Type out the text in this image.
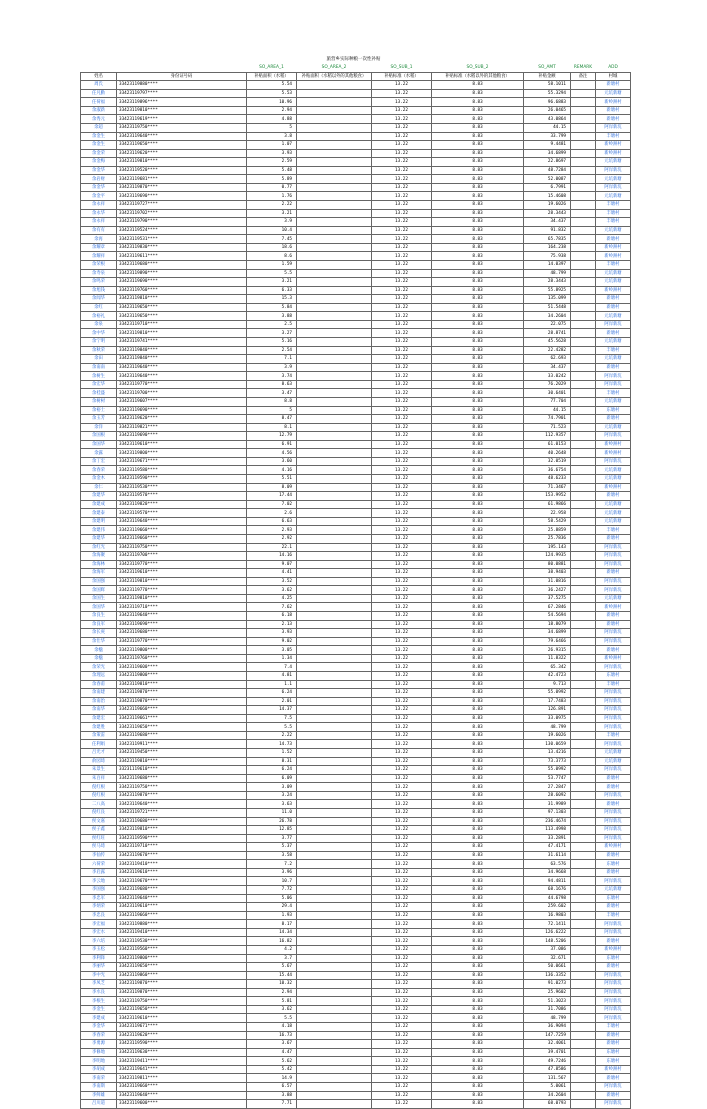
旅营乡实际种粮一次性补贴
		SO_AREA_1	SO_AREA_2	SO_SUB_1	SO_SUB_2	SO_AMT	REMARK	ADD
姓名	身份证号码	补贴面积（水稻）	补贴面积（水稻以外的其他粮食）	补贴标准（水稻）	补贴标准（水稻以外的其他粮食）	补贴金额	备注	村城
周氏	33423119880****	5.54		13.22	8.83	58.1011		新塘村
任凡勤	33423119797****	5.53		13.22	8.83	55.3294		元坑新塘
任荷福	33423119896****	10.96		13.22	8.83	96.6883		新岭洲村
余淑新	33423119810****	2.94		13.22	8.83	26.0465		新塘村
余秀元	33423119619****	4.88		13.22	8.83	43.0864		新塘村
余超	33423119750****	5		13.22	8.83	44.15		阿岸新坑
余金生	33423119640****	3.8		13.22	8.83	33.799		丰塘村
余金生	33423119650****	1.07		13.22	8.83	9.4481		新岭洲村
余金荣	33423119620****	3.93		13.22	8.83	34.6899		新岭洲村
余金梅	33423119810****	2.59		13.22	8.83	22.8697		元坑新塘
余金华	33423119520****	5.48		13.22	8.83	48.7284		阿岸新坑
余岩财	33423119681****	5.89		13.22	8.83	52.0087		元坑新塘
余金华	33423119870****	0.77		13.22	8.83	6.7991		阿岸新坑
余金平	33423119690****	1.76		13.22	8.83	15.4608		元坑新塘
余永祥	33423119727****	2.22		13.22	8.83	19.6026		丰塘村
余永华	33423119702****	3.21		13.22	8.83	28.3443		丰塘村
余永祥	33423119790****	3.9		13.22	8.83	34.437		丰塘村
余有有	33423119524****	10.4		13.22	8.83	91.832		元坑新塘
余再	33423119531****	7.45		13.22	8.83	65.7835		新塘村
余耀章	33423119830****	18.6		13.22	8.83	164.238		新岭洲村
余耀祥	33423119611****	8.6		13.22	8.83	75.938		新岭洲村
余荣根	33423119680****	1.59		13.22	8.83	14.0397		丰塘村
余寿泉	33423119890****	5.5		13.22	8.83	48.799		元坑新塘
余鸣荣	33423119690****	3.21		13.22	8.83	28.3443		元坑新塘
余旭钱	33423119760****	6.33		13.22	8.83	55.8925		新岭洲村
余闻华	33423119810****	15.3		13.22	8.83	135.099		新塘村
余红	33423119650****	5.84		13.22	8.83	51.5448		新塘村
余裕礼	33423119650****	3.88		13.22	8.83	34.2604		元坑新塘
余泉	33423119710****	2.5		13.22	8.83	22.075		阿岸新坑
余中华	33423119810****	3.27		13.22	8.83	28.8741		新塘村
余宁明	33423119741****	5.16		13.22	8.83	45.5628		元坑新塘
余秋荣	33423119840****	2.54		13.22	8.83	22.4282		丰塘村
余田	33423119840****	7.1		13.22	8.83	62.693		元坑新塘
余南南	33423119640****	3.9		13.22	8.83	34.437		新塘村
余树生	33423119640****	3.74		13.22	8.83	33.0242		阿岸新坑
余宏华	33423119770****	8.63		13.22	8.83	76.2029		阿岸新坑
余桂盛	33423119700****	3.47		13.22	8.83	30.6401		丰塘村
余树树	33423119607****	8.8		13.22	8.83	77.704		元坑新塘
余裕士	33423119690****	5		13.22	8.83	44.15		东塘村
余玉芳	33423119620****	8.47		13.22	8.83	74.7901		新塘村
余洋	33423119821****	8.1		13.22	8.83	71.523		元坑新塘
余国根	33423119690****	12.79		13.22	8.83	112.9357		阿岸新坑
余国华	33423119610****	6.91		13.22	8.83	61.0153		新岭洲村
余露	33423119800****	4.56		13.22	8.83	40.2648		新岭洲村
余丁宏	33423119671****	3.60		13.22	8.83	32.0519		阿岸新坑
余春荣	33423119580****	4.16		13.22	8.83	36.6754		元坑新塘
余金木	33423119590****	5.51		13.22	8.83	48.6233		元坑新塘
余仁	33423119530****	8.09		13.22	8.83	71.3467		新岭洲村
余建华	33423119570****	17.44		13.22	8.83	153.9952		新塘村
余建成	33423119820****	7.02		13.22	8.83	61.9866		元坑新塘
余建泰	33423119570****	2.6		13.22	8.83	22.958		元坑新塘
余建明	33423119640****	6.63		13.22	8.83	58.5429		元坑新塘
余建伟	33423119660****	2.93		13.22	8.83	25.8859		丰塘村
余建华	33423119660****	2.92		13.22	8.83	25.7836		新塘村
余红光	33423119750****	22.1		13.22	8.83	195.143		阿岸新坑
余海聚	33423119700****	14.16		13.22	8.83	124.9935		阿岸新坑
余海林	33423119770****	9.07		13.22	8.83	80.0881		阿岸新坑
余海军	33423119610****	4.41		13.22	8.83	38.9403		新塘村
余国强	33423119810****	3.52		13.22	8.83	31.0816		阿岸新坑
余国辉	33423119770****	3.62		13.22	8.83	36.2427		阿岸新坑
余国生	33423119810****	4.25		13.22	8.83	37.5275		元坑新塘
余国华	33423119710****	7.62		13.22	8.83	67.2846		新岭洲村
余良生	33423119640****	6.18		13.22	8.83	54.5694		新塘村
余良军	33423119690****	2.13		13.22	8.83	18.8079		新塘村
余长庚	33423119680****	3.93		13.22	8.83	34.6899		阿岸新坑
余仕华	33423119770****	9.02		13.22	8.83	79.6466		阿岸新坑
余楹	33423119800****	3.05		13.22	8.83	26.9315		新塘村
余楹	33423119760****	1.34		13.22	8.83	11.8322		新岭洲村
余荣光	33423119600****	7.4		13.22	8.83	65.342		阿岸新坑
余理远	33423119800****	4.81		13.22	8.83	42.4723		东塘村
余春甫	33423119810****	1.1		13.22	8.83	9.713		丰塘村
余南建	33423119870****	6.24		13.22	8.83	55.0992		阿岸新坑
余南治	33423119870****	2.01		13.22	8.83	17.7483		阿岸新坑
余南华	33423119660****	14.37		13.22	8.83	126.891		阿岸新坑
余建宏	33423119661****	7.5		13.22	8.83	33.0975		阿岸新坑
余建胜	33423119650****	5.5		13.22	8.83	48.799		阿岸新坑
余策雷	33423119680****	2.22		13.22	8.83	19.6026		丰塘村
任利娟	33423119911****	14.73		13.22	8.83	130.0659		阿岸新坑
吕光才	33423119450****	1.52		13.22	8.83	13.4216		元坑新塘
俞园琦	33423119810****	8.31		13.22	8.83	73.3773		元坑新塘
朱景生	33231119610****	6.24		13.22	8.83	55.0992		阿岸新坑
朱百祥	33423119680****	6.09		13.22	8.83	53.7747		新塘村
倪红根	33423119750****	3.09		13.22	8.83	27.2847		新塘村
倪红根	33423119870****	3.24		13.22	8.83	28.6092		阿岸新坑
二八高	33423119640****	3.63		13.22	8.83	31.9989		新塘村
倪红良	33423119721****	11.0		13.22	8.83	97.1303		阿岸新坑
侯文嘉	33423119680****	26.78		13.22	8.83	236.4674		阿岸新坑
侯子鑫	33423119810****	12.85		13.22	8.83	113.4998		阿岸新坑
侯红旺	33423119590****	3.77		13.22	8.83	33.2891		阿岸新坑
侯马琦	33423119710****	5.37		13.22	8.83	47.4171		新岭洲村
李仙传	33423119670****	3.58		13.22	8.83	31.6114		新塘村
六荷荣	33423119410****	7.2		13.22	8.83	63.576		东塘村
李启露	33423119610****	3.96		13.22	8.83	34.9668		新塘村
李云地	33423119670****	10.7		13.22	8.83	94.4811		阿岸新坑
李国强	33423119680****	7.72		13.22	8.83	68.1676		元坑新塘
李忠军	33423119640****	5.06		13.22	8.83	44.6798		东塘村
李炳荣	33423119610****	29.4		13.22	8.83	259.602		新塘村
李忠良	33423119660****	1.93		13.22	8.83	16.9803		丰塘村
李宏福	33423119880****	8.17		13.22	8.83	72.1411		阿岸新坑
李宏水	33423119410****	14.34		13.22	8.83	126.6222		阿岸新坑
李六培	33423119530****	16.82		13.22	8.83	148.5206		新塘村
李玉松	33423119560****	4.2		13.22	8.83	37.086		新岭洲村
李利锋	33423119800****	3.7		13.22	8.83	32.671		东塘村
李丽华	33423119650****	5.67		13.22	8.83	50.0661		新塘村
李中光	33423119860****	15.44		13.22	8.83	136.3352		阿岸新坑
李凤芝	33423119870****	10.32		13.22	8.83	91.0273		阿岸新坑
李水良	33423119870****	2.94		13.22	8.83	25.9602		阿岸新坑
李根生	33423119750****	5.81		13.22	8.83	51.3023		阿岸新坑
李金生	33423119650****	3.62		13.22	8.83	31.7086		阿岸新坑
李建成	33423119610****	5.5		13.22	8.83	48.799		阿岸新坑
李金华	33423119671****	4.18		13.22	8.83	36.9094		丰塘村
李春荣	33423119620****	16.73		13.22	8.83	147.7259		新塘村
李勇源	33423119590****	3.67		13.22	8.83	32.4061		新塘村
李修地	33423119630****	4.47		13.22	8.83	39.4701		东塘村
李明地	33423119411****	5.62		13.22	8.83	49.7246		东塘村
李胡成	33423119641****	5.42		13.22	8.83	47.8586		新岭洲村
李南荣	33423119811****	14.9		13.22	8.83	131.567		新塘村
李南斯	33423119660****	6.57		13.22	8.83	5.0061		阿岸新坑
李鲜雄	33423119640****	3.88		13.22	8.83	34.2604		新塘村
吕川道	33423119600****	7.71		13.22	8.83	68.0793		阿岸新坑
